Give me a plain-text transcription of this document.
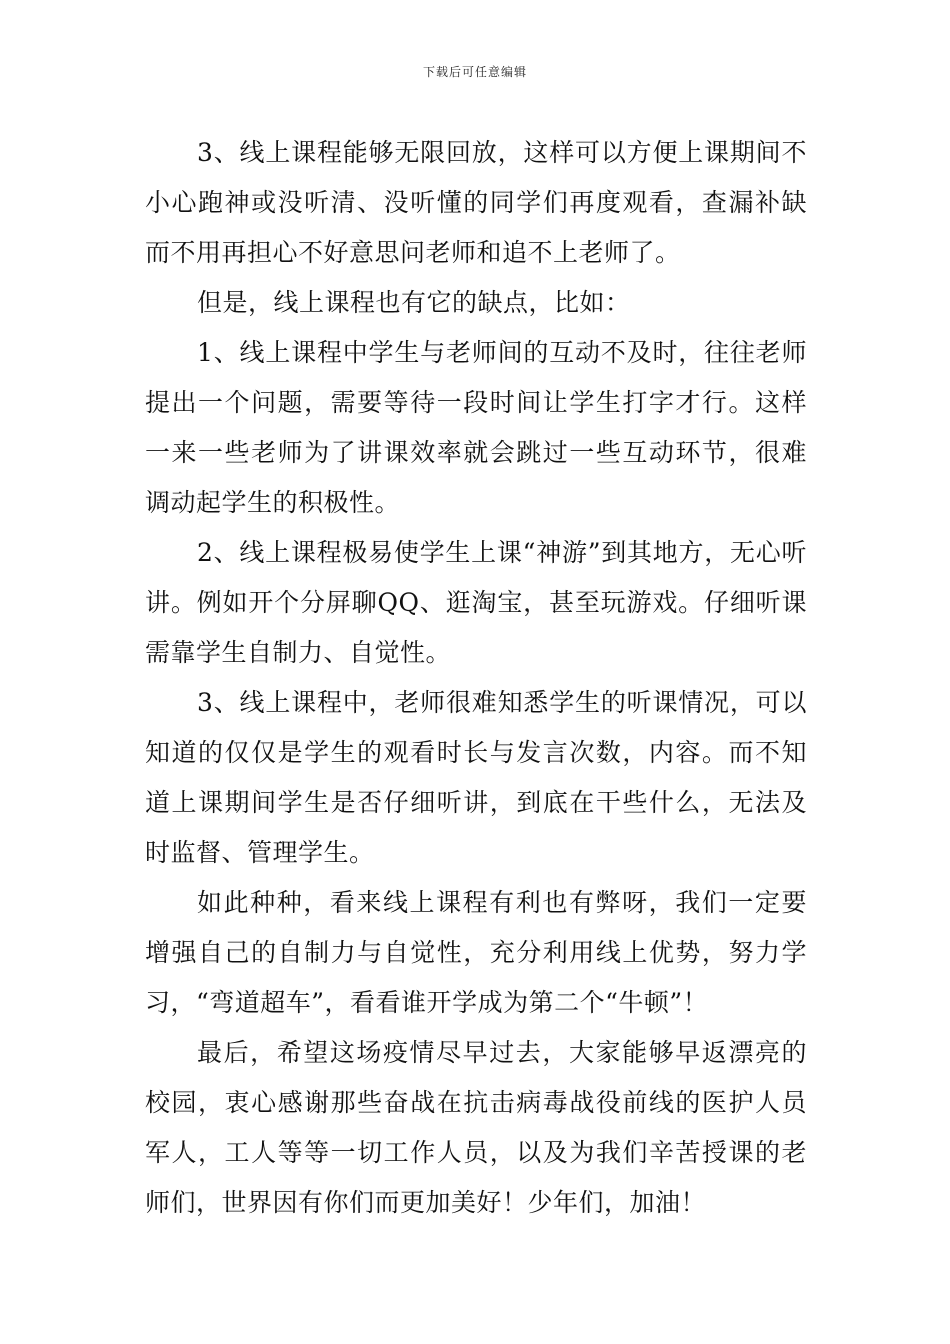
下载后可任意编辑

3、线上课程能够无限回放，这样可以方便上课期间不小心跑神或没听清、没听懂的同学们再度观看，查漏补缺而不用再担心不好意思问老师和追不上老师了。

但是，线上课程也有它的缺点，比如：

1、线上课程中学生与老师间的互动不及时，往往老师提出一个问题，需要等待一段时间让学生打字才行。这样一来一些老师为了讲课效率就会跳过一些互动环节，很难调动起学生的积极性。

2、线上课程极易使学生上课“神游”到其地方，无心听讲。例如开个分屏聊QQ、逛淘宝，甚至玩游戏。仔细听课需靠学生自制力、自觉性。

3、线上课程中，老师很难知悉学生的听课情况，可以知道的仅仅是学生的观看时长与发言次数，内容。而不知道上课期间学生是否仔细听讲，到底在干些什么，无法及时监督、管理学生。

如此种种，看来线上课程有利也有弊呀，我们一定要增强自己的自制力与自觉性，充分利用线上优势，努力学习，“弯道超车”，看看谁开学成为第二个“牛顿”！

最后，希望这场疫情尽早过去，大家能够早返漂亮的校园，衷心感谢那些奋战在抗击病毒战役前线的医护人员军人，工人等等一切工作人员，以及为我们辛苦授课的老师们，世界因有你们而更加美好！少年们，加油！
